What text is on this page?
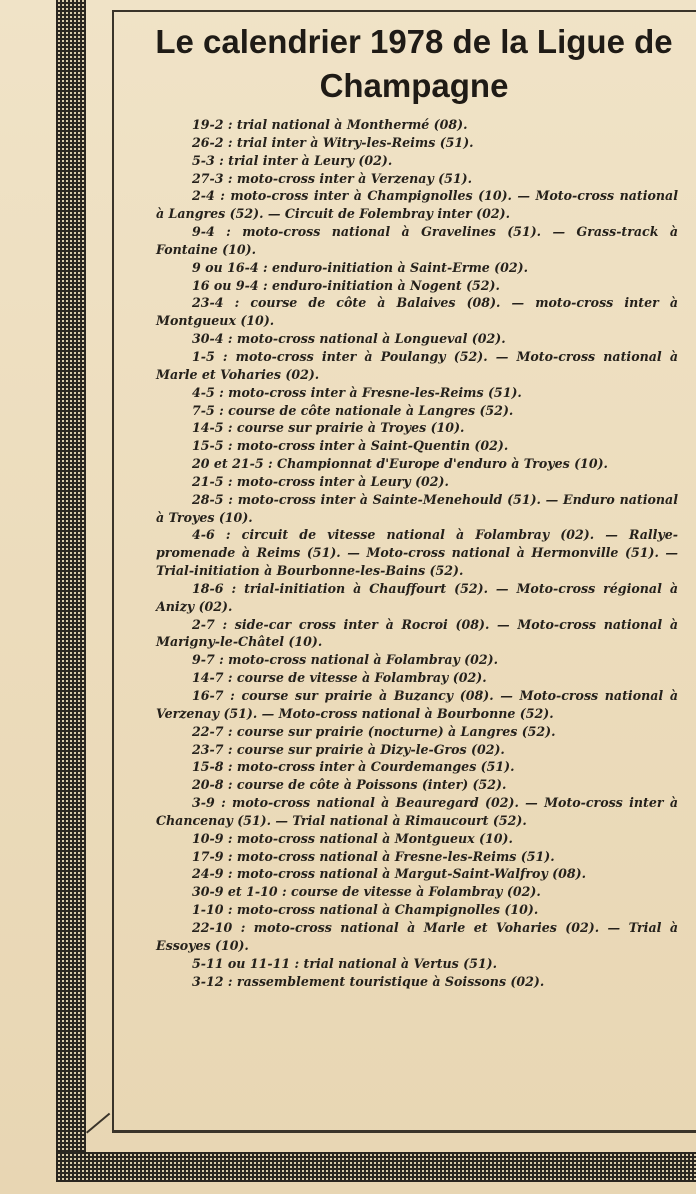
Le calendrier 1978 de la Ligue de Champagne

19-2 : trial national à Monthermé (08).

26-2 : trial inter à Witry-les-Reims (51).

5-3 : trial inter à Leury (02).

27-3 : moto-cross inter à Verzenay (51).

2-4 : moto-cross inter à Champignolles (10). — Moto-cross national à Langres (52). — Circuit de Folembray inter (02).

9-4 : moto-cross national à Gravelines (51). — Grass-track à Fontaine (10).

9 ou 16-4 : enduro-initiation à Saint-Erme (02).

16 ou 9-4 : enduro-initiation à Nogent (52).

23-4 : course de côte à Balaives (08). — moto-cross inter à Montgueux (10).

30-4 : moto-cross national à Longueval (02).

1-5 : moto-cross inter à Poulangy (52). — Moto-cross national à Marle et Voharies (02).

4-5 : moto-cross inter à Fresne-les-Reims (51).

7-5 : course de côte nationale à Langres (52).

14-5 : course sur prairie à Troyes (10).

15-5 : moto-cross inter à Saint-Quentin (02).

20 et 21-5 : Championnat d'Europe d'enduro à Troyes (10).

21-5 : moto-cross inter à Leury (02).

28-5 : moto-cross inter à Sainte-Menehould (51). — Enduro national à Troyes (10).

4-6 : circuit de vitesse national à Folambray (02). — Rallye-promenade à Reims (51). — Moto-cross national à Hermonville (51). — Trial-initiation à Bourbonne-les-Bains (52).

18-6 : trial-initiation à Chauffourt (52). — Moto-cross régional à Anizy (02).

2-7 : side-car cross inter à Rocroi (08). — Moto-cross national à Marigny-le-Châtel (10).

9-7 : moto-cross national à Folambray (02).

14-7 : course de vitesse à Folambray (02).

16-7 : course sur prairie à Buzancy (08). — Moto-cross national à Verzenay (51). — Moto-cross national à Bourbonne (52).

22-7 : course sur prairie (nocturne) à Langres (52).

23-7 : course sur prairie à Dizy-le-Gros (02).

15-8 : moto-cross inter à Courdemanges (51).

20-8 : course de côte à Poissons (inter) (52).

3-9 : moto-cross national à Beauregard (02). — Moto-cross inter à Chancenay (51). — Trial national à Rimaucourt (52).

10-9 : moto-cross national à Montgueux (10).

17-9 : moto-cross national à Fresne-les-Reims (51).

24-9 : moto-cross national à Margut-Saint-Walfroy (08).

30-9 et 1-10 : course de vitesse à Folambray (02).

1-10 : moto-cross national à Champignolles (10).

22-10 : moto-cross national à Marle et Voharies (02). — Trial à Essoyes (10).

5-11 ou 11-11 : trial national à Vertus (51).

3-12 : rassemblement touristique à Soissons (02).
